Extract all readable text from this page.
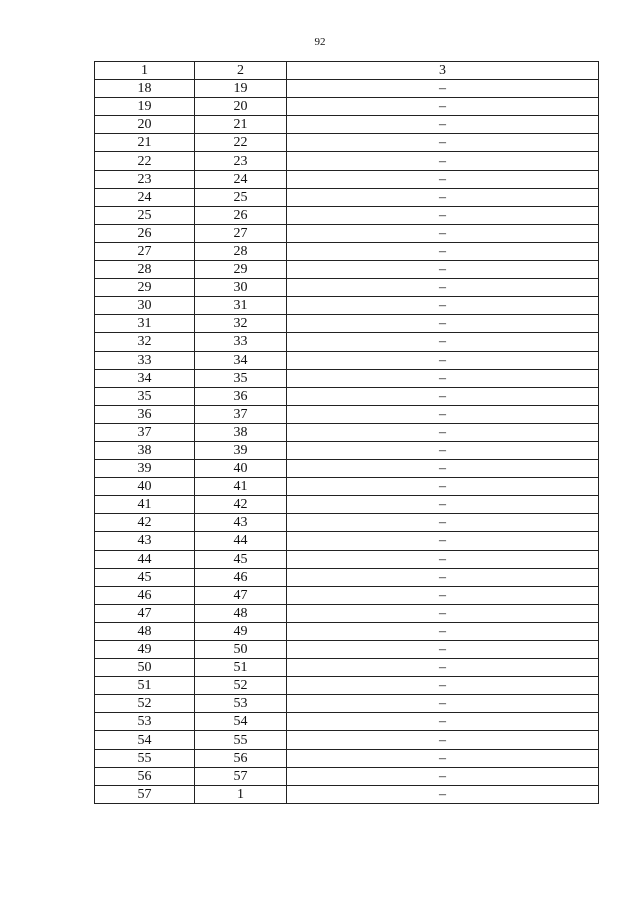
92
1	2	3
18	19	–
19	20	–
20	21	–
21	22	–
22	23	–
23	24	–
24	25	–
25	26	–
26	27	–
27	28	–
28	29	–
29	30	–
30	31	–
31	32	–
32	33	–
33	34	–
34	35	–
35	36	–
36	37	–
37	38	–
38	39	–
39	40	–
40	41	–
41	42	–
42	43	–
43	44	–
44	45	–
45	46	–
46	47	–
47	48	–
48	49	–
49	50	–
50	51	–
51	52	–
52	53	–
53	54	–
54	55	–
55	56	–
56	57	–
57	1	–
